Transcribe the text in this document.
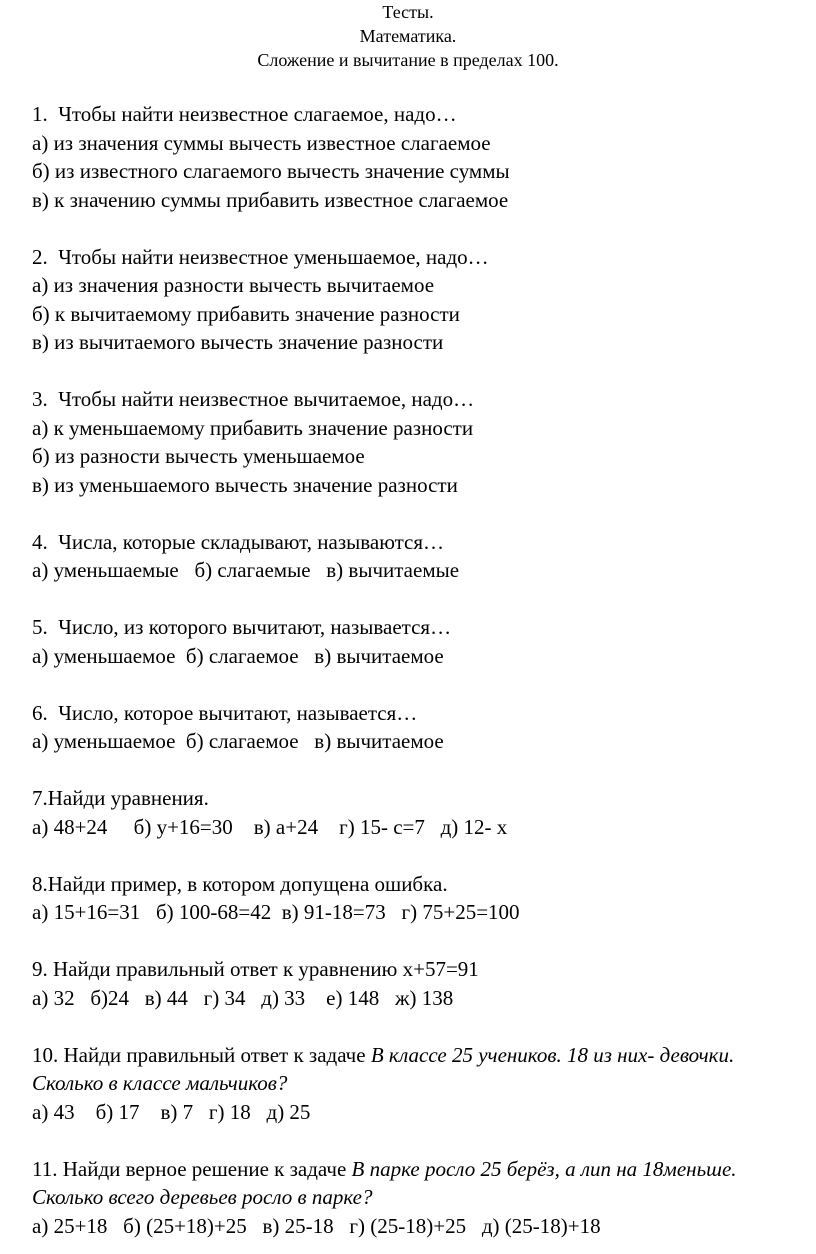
Тесты.
Математика.
Сложение и вычитание в пределах 100.
1.  Чтобы найти неизвестное слагаемое, надо…
а) из значения суммы вычесть известное слагаемое
б) из известного слагаемого вычесть значение суммы
в) к значению суммы прибавить известное слагаемое
2.  Чтобы найти неизвестное уменьшаемое, надо…
а) из значения разности вычесть вычитаемое
б) к вычитаемому прибавить значение разности
в) из вычитаемого вычесть значение разности
3.  Чтобы найти неизвестное вычитаемое, надо…
а) к уменьшаемому прибавить значение разности
б) из разности вычесть уменьшаемое
в) из уменьшаемого вычесть значение разности
4.  Числа, которые складывают, называются…
а) уменьшаемые   б) слагаемые   в) вычитаемые
5.  Число, из которого вычитают, называется…
а) уменьшаемое  б) слагаемое   в) вычитаемое
6.  Число, которое вычитают, называется…
а) уменьшаемое  б) слагаемое   в) вычитаемое
7.Найди уравнения.
а) 48+24     б) у+16=30    в) а+24    г) 15- с=7   д) 12- х
8.Найди пример, в котором допущена ошибка.
а) 15+16=31   б) 100-68=42  в) 91-18=73   г) 75+25=100
9. Найди правильный ответ к уравнению х+57=91
а) 32   б)24   в) 44   г) 34   д) 33    е) 148   ж) 138
10. Найди правильный ответ к задаче В классе 25 учеников. 18 из них- девочки. Сколько в классе мальчиков?
а) 43    б) 17    в) 7   г) 18   д) 25
11. Найди верное решение к задаче В парке росло 25 берёз, а лип на 18меньше. Сколько всего деревьев росло в парке?
а) 25+18   б) (25+18)+25   в) 25-18   г) (25-18)+25   д) (25-18)+18
